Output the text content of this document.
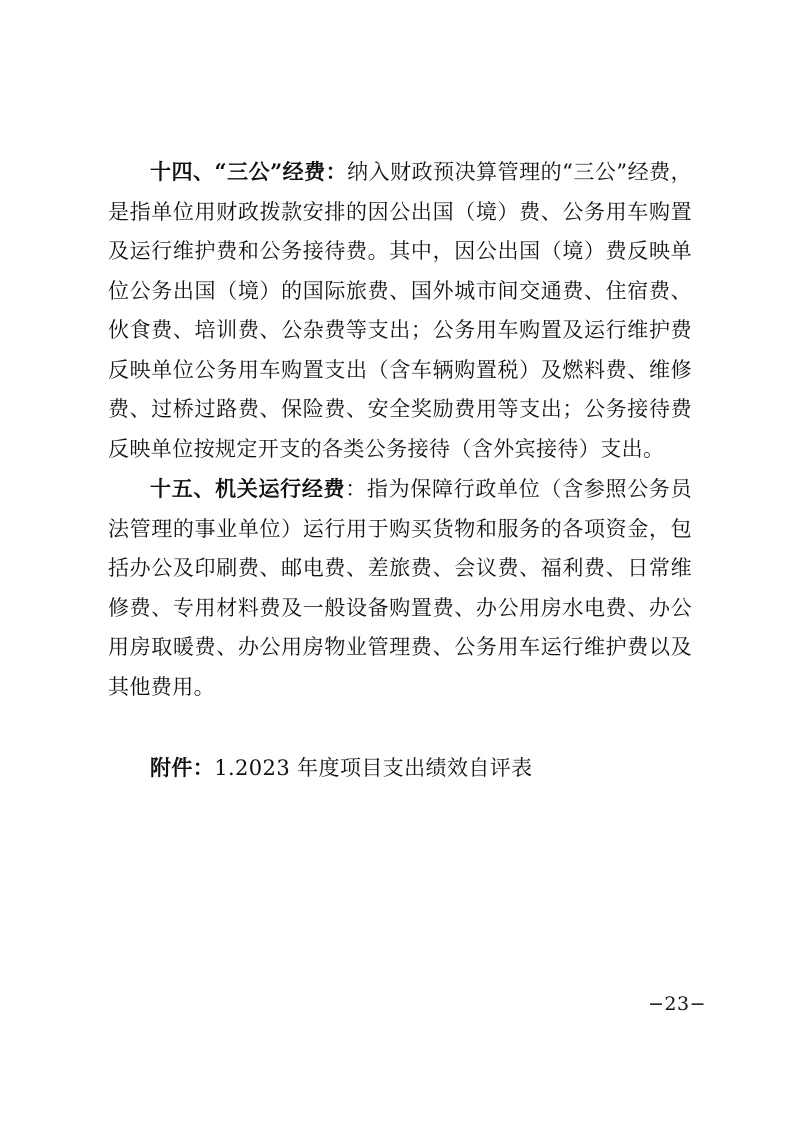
十四、“三公”经费：纳入财政预决算管理的“三公”经费，是指单位用财政拨款安排的因公出国（境）费、公务用车购置及运行维护费和公务接待费。其中，因公出国（境）费反映单位公务出国（境）的国际旅费、国外城市间交通费、住宿费、伙食费、培训费、公杂费等支出；公务用车购置及运行维护费反映单位公务用车购置支出（含车辆购置税）及燃料费、维修费、过桥过路费、保险费、安全奖励费用等支出；公务接待费反映单位按规定开支的各类公务接待（含外宾接待）支出。

十五、机关运行经费：指为保障行政单位（含参照公务员法管理的事业单位）运行用于购买货物和服务的各项资金，包括办公及印刷费、邮电费、差旅费、会议费、福利费、日常维修费、专用材料费及一般设备购置费、办公用房水电费、办公用房取暖费、办公用房物业管理费、公务用车运行维护费以及其他费用。

附件：1.2023 年度项目支出绩效自评表
−23−
